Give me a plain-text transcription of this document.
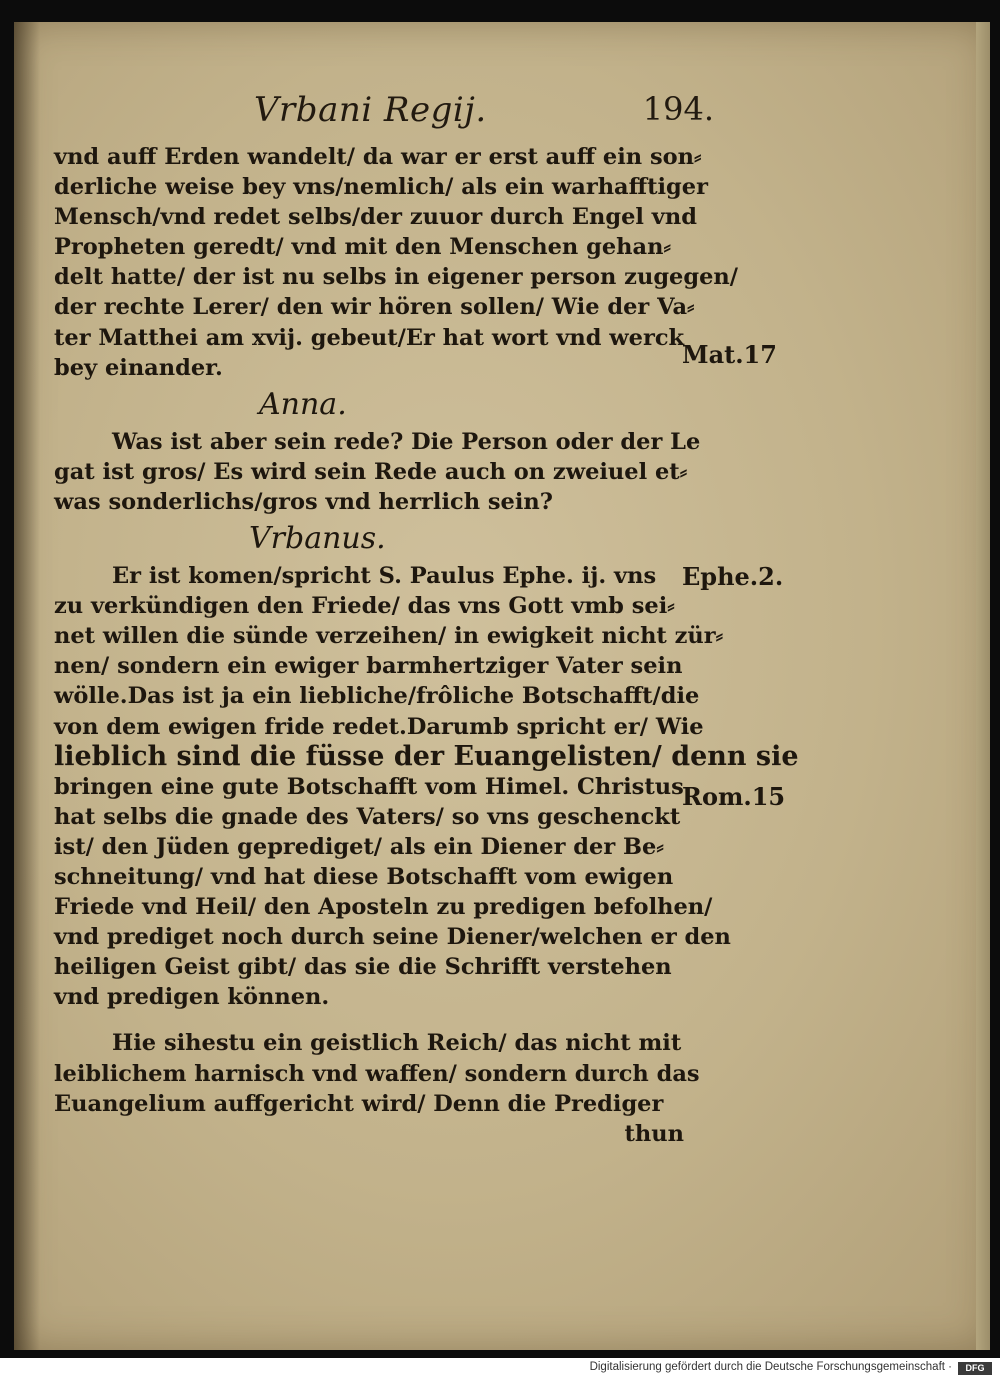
Vrbani Regij.	194.
vnd auff Erden wandelt/ da war er erst auff ein son⸗
derliche weise bey vns/nemlich/ als ein warhafftiger
Mensch/vnd redet selbs/der zuuor durch Engel vnd
Propheten geredt/ vnd mit den Menschen gehan⸗
delt hatte/ der ist nu selbs in eigener person zugegen/
der rechte Lerer/ den wir hören sollen/ Wie der Va⸗
ter Matthei am xvij. gebeut/Er hat wort vnd werck
bey einander.
Anna.
Was ist aber sein rede? Die Person oder der Le
gat ist gros/ Es wird sein Rede auch on zweiuel et⸗
was sonderlichs/gros vnd herrlich sein?
Vrbanus.
Er ist komen/spricht S. Paulus Ephe. ij. vns
zu verkündigen den Friede/ das vns Gott vmb sei⸗
net willen die sünde verzeihen/ in ewigkeit nicht zür⸗
nen/ sondern ein ewiger barmhertziger Vater sein
wölle.Das ist ja ein liebliche/frôliche Botschafft/die
von dem ewigen fride redet.Darumb spricht er/ Wie
lieblich sind die füsse der Euangelisten/ denn sie
bringen eine gute Botschafft vom Himel. Christus
hat selbs die gnade des Vaters/ so vns geschenckt
ist/ den Jüden geprediget/ als ein Diener der Be⸗
schneitung/ vnd hat diese Botschafft vom ewigen
Friede vnd Heil/ den Aposteln zu predigen befolhen/
vnd prediget noch durch seine Diener/welchen er den
heiligen Geist gibt/ das sie die Schrifft verstehen
vnd predigen können.
Hie sihestu ein geistlich Reich/ das nicht mit
leiblichem harnisch vnd waffen/ sondern durch das
Euangelium auffgericht wird/ Denn die Prediger
thun
Mat.17
Ephe.2.
Rom.15
Digitalisierung gefördert durch die Deutsche Forschungsgemeinschaft ·	DFG
